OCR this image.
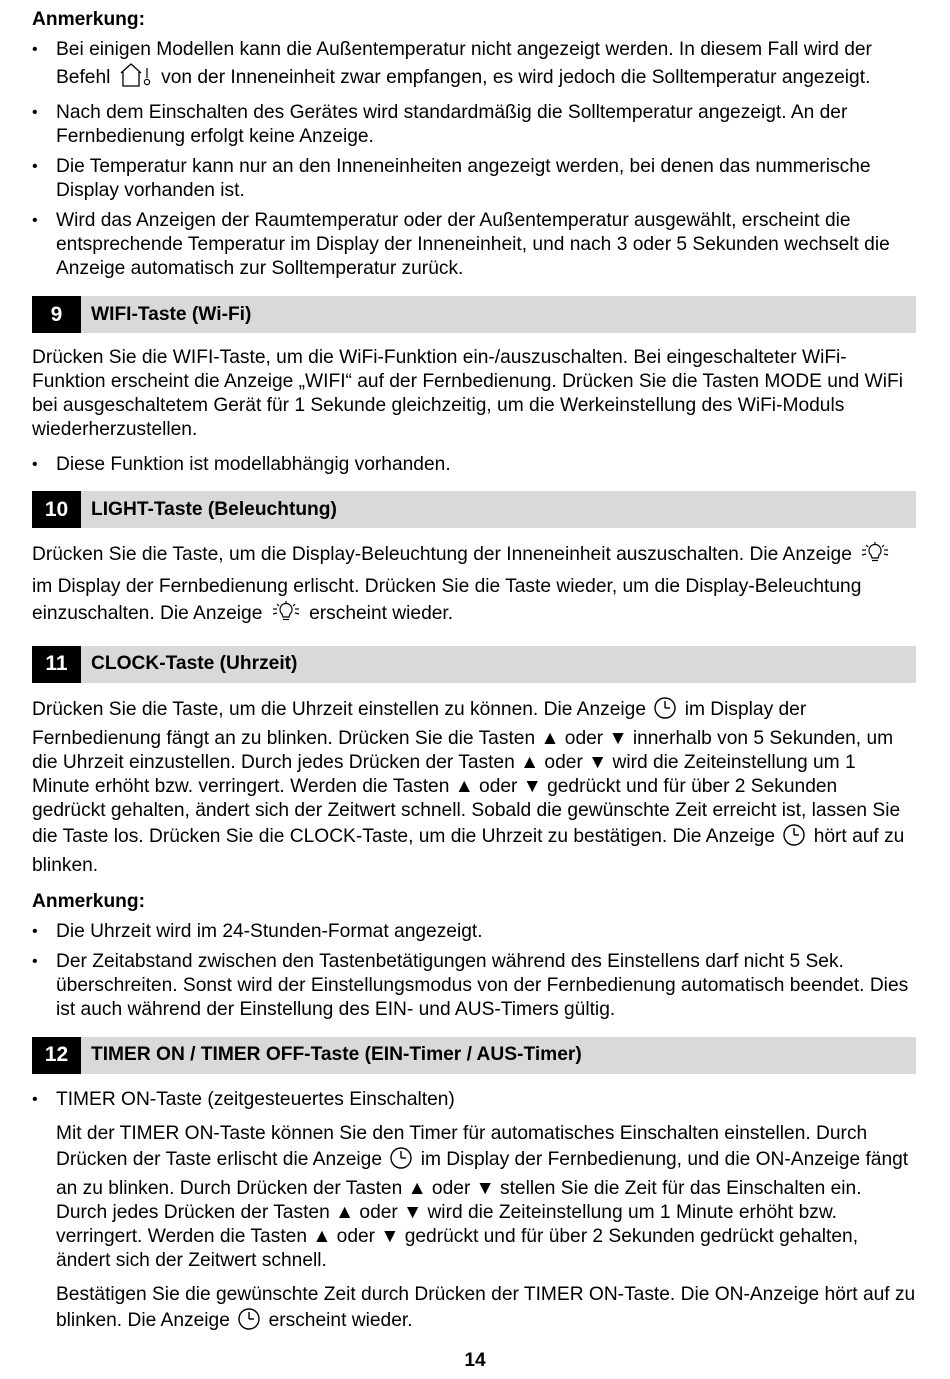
Anmerkung:

• Bei einigen Modellen kann die Außentemperatur nicht angezeigt werden. In diesem Fall wird der Befehl	von der Inneneinheit zwar empfangen, es wird jedoch die Solltemperatur angezeigt.
• Nach dem Einschalten des Gerätes wird standardmäßig die Solltemperatur angezeigt. An der Fernbedienung erfolgt keine Anzeige.
• Die Temperatur kann nur an den Inneneinheiten angezeigt werden, bei denen das nummerische Display vorhanden ist.
• Wird das Anzeigen der Raumtemperatur oder der Außentemperatur ausgewählt, erscheint die entsprechende Temperatur im Display der Inneneinheit, und nach 3 oder 5 Sekunden wechselt die Anzeige automatisch zur Solltemperatur zurück.
9	WIFI-Taste (Wi-Fi)

Drücken Sie die WIFI-Taste, um die WiFi-Funktion ein-/auszuschalten. Bei eingeschalteter WiFi-Funktion erscheint die Anzeige „WIFI“ auf der Fernbedienung. Drücken Sie die Tasten MODE und WiFi bei ausgeschaltetem Gerät für 1 Sekunde gleichzeitig, um die Werkeinstellung des WiFi-Moduls wiederherzustellen.

• Diese Funktion ist modellabhängig vorhanden.
10	LIGHT-Taste (Beleuchtung)

Drücken Sie die Taste, um die Display-Beleuchtung der Inneneinheit auszuschalten. Die Anzeige  im Display der Fernbedienung erlischt. Drücken Sie die Taste wieder, um die Display-Beleuchtung einzuschalten. Die Anzeige erscheint wieder.

11	CLOCK-Taste (Uhrzeit)

Drücken Sie die Taste, um die Uhrzeit einstellen zu können. Die Anzeige im Display der Fernbedienung fängt an zu blinken. Drücken Sie die Tasten ▲ oder ▼ innerhalb von 5 Sekunden, um die Uhrzeit einzustellen. Durch jedes Drücken der Tasten ▲ oder ▼ wird die Zeiteinstellung um 1 Minute erhöht bzw. verringert. Werden die Tasten ▲ oder ▼ gedrückt und für über 2 Sekunden gedrückt gehalten, ändert sich der Zeitwert schnell. Sobald die gewünschte Zeit erreicht ist, lassen Sie die Taste los. Drücken Sie die CLOCK-Taste, um die Uhrzeit zu bestätigen. Die Anzeige hört auf zu blinken.

Anmerkung:

• Die Uhrzeit wird im 24-Stunden-Format angezeigt.
• Der Zeitabstand zwischen den Tastenbetätigungen während des Einstellens darf nicht 5 Sek. überschreiten. Sonst wird der Einstellungsmodus von der Fernbedienung automatisch beendet. Dies ist auch während der Einstellung des EIN- und AUS-Timers gültig.
12	TIMER ON / TIMER OFF-Taste (EIN-Timer / AUS-Timer)
• TIMER ON-Taste (zeitgesteuertes Einschalten)

Mit der TIMER ON-Taste können Sie den Timer für automatisches Einschalten einstellen. Durch Drücken der Taste erlischt die Anzeige im Display der Fernbedienung, und die ON-Anzeige fängt an zu blinken. Durch Drücken der Tasten ▲ oder ▼ stellen Sie die Zeit für das Einschalten ein. Durch jedes Drücken der Tasten ▲ oder ▼ wird die Zeiteinstellung um 1 Minute erhöht bzw. verringert. Werden die Tasten ▲ oder ▼ gedrückt und für über 2 Sekunden gedrückt gehalten, ändert sich der Zeitwert schnell.

Bestätigen Sie die gewünschte Zeit durch Drücken der TIMER ON-Taste. Die ON-Anzeige hört auf zu blinken. Die Anzeige erscheint wieder.

14
